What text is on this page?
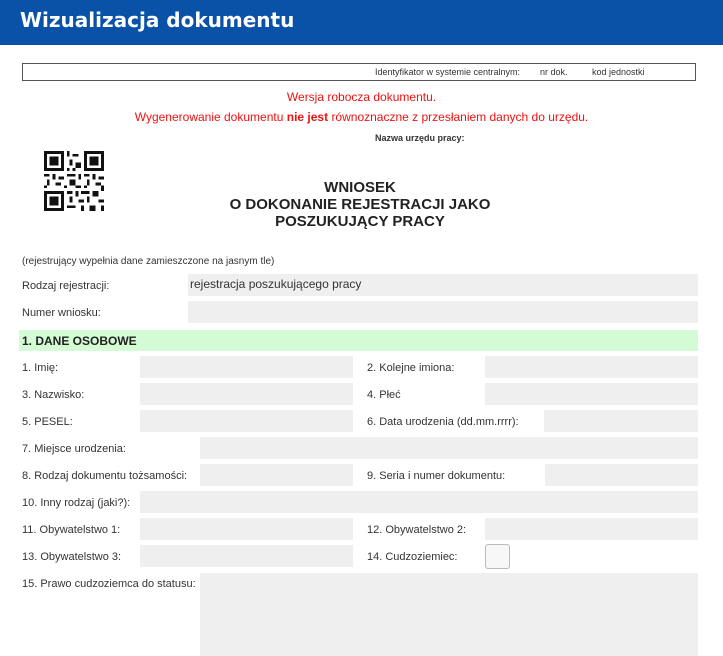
Wizualizacja dokumentu
Identyfikator w systemie centralnym: nr dok.	kod jednostki
Wersja robocza dokumentu.
Wygenerowanie dokumentu nie jest równoznaczne z przesłaniem danych do urzędu.
Nazwa urzędu pracy:
WNIOSEK
O DOKONANIE REJESTRACJI JAKO
POSZUKUJĄCY PRACY
(rejestrujący wypełnia dane zamieszczone na jasnym tle)
Rodzaj rejestracji:	rejestracja poszukującego pracy
Numer wniosku:
1. DANE OSOBOWE
1. Imię:	2. Kolejne imiona:
3. Nazwisko:	4. Płeć
5. PESEL:	6. Data urodzenia (dd.mm.rrrr):
7. Miejsce urodzenia:
8. Rodzaj dokumentu tożsamości:	9. Seria i numer dokumentu:
10. Inny rodzaj (jaki?):
11. Obywatelstwo 1:	12. Obywatelstwo 2:
13. Obywatelstwo 3:	14. Cudzoziemiec:
15. Prawo cudzoziemca do statusu:
